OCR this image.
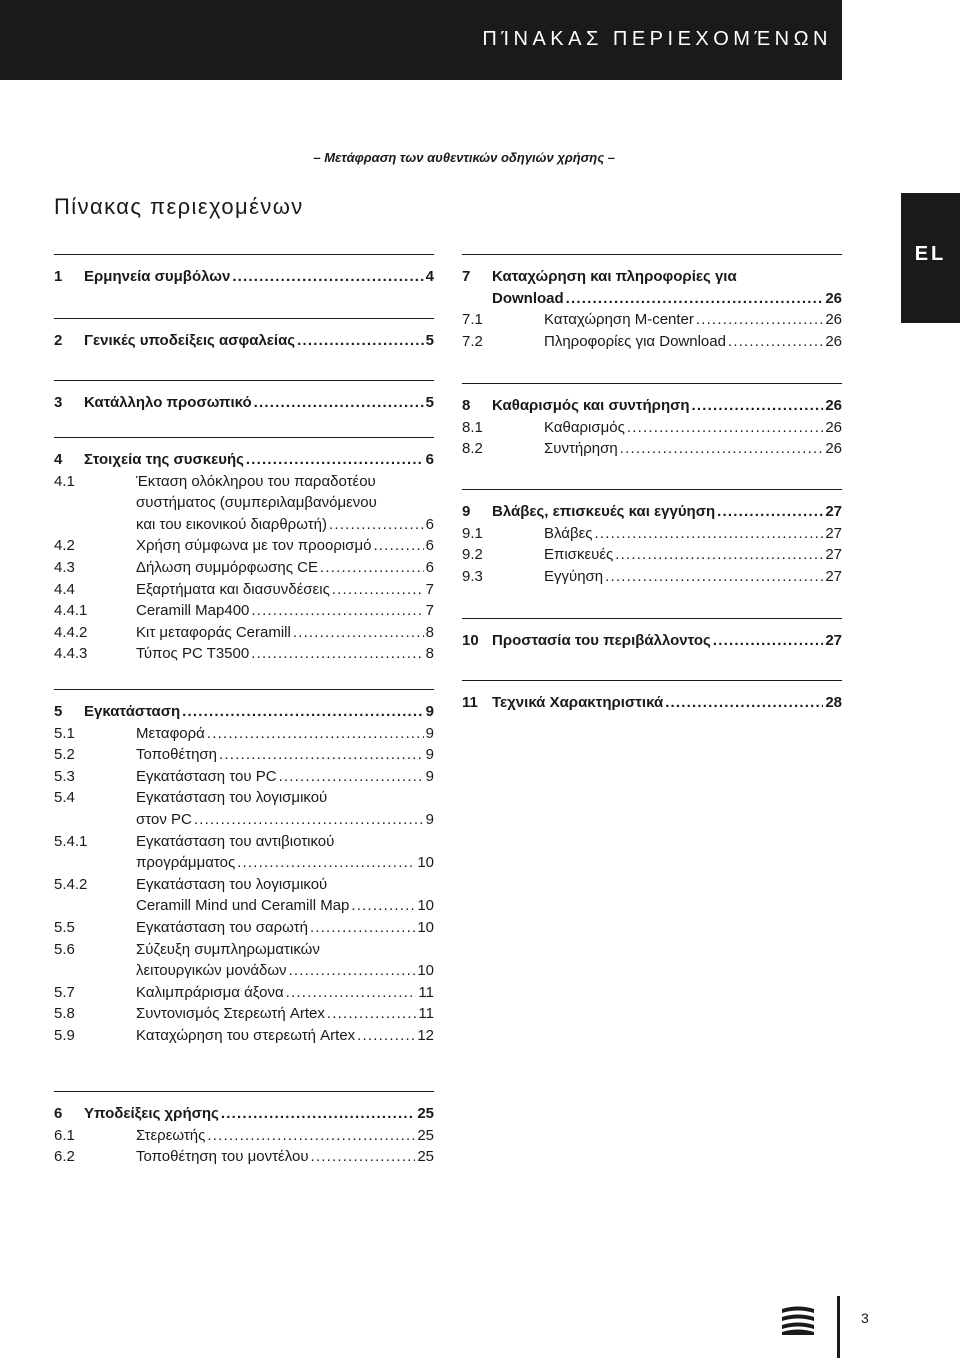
ΠΊΝΑΚΑΣ ΠΕΡΙΕΧΟΜΈΝΩΝ
EL
– Μετάφραση των αυθεντικών οδηγιών χρήσης –
Πίνακας περιεχομένων
1 Ερμηνεία συμβόλων .....	4
2 Γενικές υποδείξεις ασφαλείας .....	5
3 Κατάλληλο προσωπικό .....	5
4 Στοιχεία της συσκευής .....	6
4.1	Έκταση ολόκληρου του παραδοτέου
συστήματος (συμπεριλαμβανόμενου
και του εικονικού διαρθρωτή) .....	6
4.2	Χρήση σύμφωνα με τον προορισμό .....	6
4.3	Δήλωση συμμόρφωσης CE .....	6
4.4	Εξαρτήματα και διασυνδέσεις .....	7
4.4.1	Ceramill Map400 .....	7
4.4.2	Κιτ μεταφοράς Ceramill .....	8
4.4.3	Τύπος PC T3500 .....	8
5 Εγκατάσταση .....	9
5.1	Μεταφορά .....	9
5.2	Τοποθέτηση .....	9
5.3	Εγκατάσταση του PC .....	9
5.4	Εγκατάσταση του λογισμικού
στον PC .....	9
5.4.1	Εγκατάσταση του αντιβιοτικού
προγράμματος .....	10
5.4.2	Εγκατάσταση του λογισμικού
Ceramill Mind und Ceramill Map .....	10
5.5	Εγκατάσταση του σαρωτή .....	10
5.6	Σύζευξη συμπληρωματικών
λειτουργικών μονάδων .....	10
5.7	Καλιμπράρισμα άξονα .....	11
5.8	Συντονισμός Στερεωτή Artex .....	11
5.9	Καταχώρηση του στερεωτή Artex .....	12
6 Υποδείξεις χρήσης .....	25
6.1	Στερεωτής .....	25
6.2	Τοποθέτηση του μοντέλου .....	25
7 Καταχώρηση και πληροφορίες για
Download .....	26
7.1	Καταχώρηση M-center .....	26
7.2	Πληροφορίες για Download .....	26
8 Καθαρισμός και συντήρηση .....	26
8.1	Καθαρισμός .....	26
8.2	Συντήρηση .....	26
9 Βλάβες, επισκευές και εγγύηση .....	27
9.1	Βλάβες .....	27
9.2	Επισκευές .....	27
9.3	Εγγύηση .....	27
10 Προστασία του περιβάλλοντος .....	27
11 Τεχνικά Χαρακτηριστικά .....	28
3
